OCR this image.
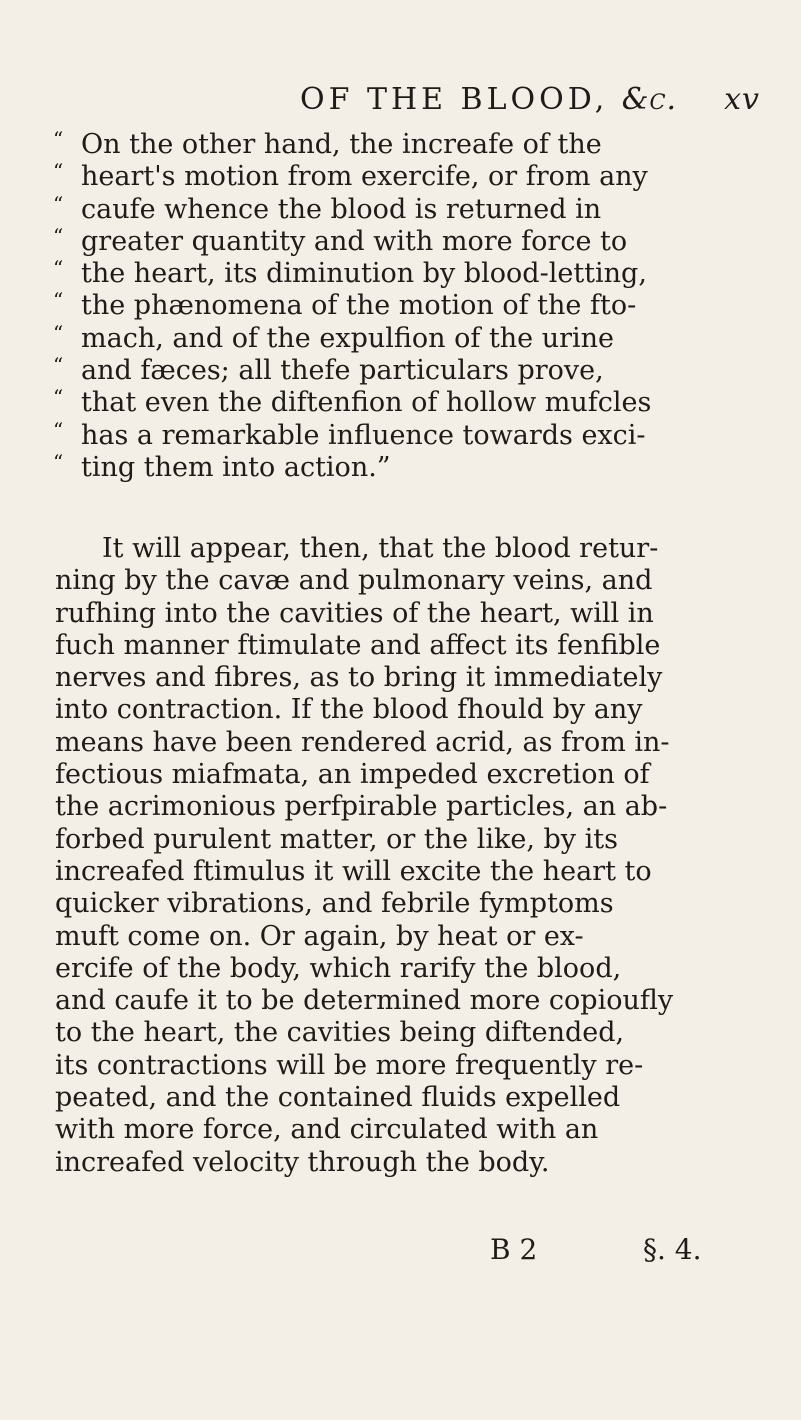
OF THE BLOOD, &c. xv
“ On the other hand, the increafe of the
“ heart's motion from exercife, or from any
“ caufe whence the blood is returned in
“ greater quantity and with more force to
“ the heart, its diminution by blood-letting,
“ the phænomena of the motion of the fto-
“ mach, and of the expulfion of the urine
“ and fæces; all thefe particulars prove,
“ that even the diftenfion of hollow mufcles
“ has a remarkable influence towards exci-
“ ting them into action.”
It will appear, then, that the blood retur-
ning by the cavæ and pulmonary veins, and
rufhing into the cavities of the heart, will in
fuch manner ftimulate and affect its fenfible
nerves and fibres, as to bring it immediately
into contraction. If the blood fhould by any
means have been rendered acrid, as from in-
fectious miafmata, an impeded excretion of
the acrimonious perfpirable particles, an ab-
forbed purulent matter, or the like, by its
increafed ftimulus it will excite the heart to
quicker vibrations, and febrile fymptoms
muft come on. Or again, by heat or ex-
ercife of the body, which rarify the blood,
and caufe it to be determined more copioufly
to the heart, the cavities being diftended,
its contractions will be more frequently re-
peated, and the contained fluids expelled
with more force, and circulated with an
increafed velocity through the body.
B 2	§. 4.
